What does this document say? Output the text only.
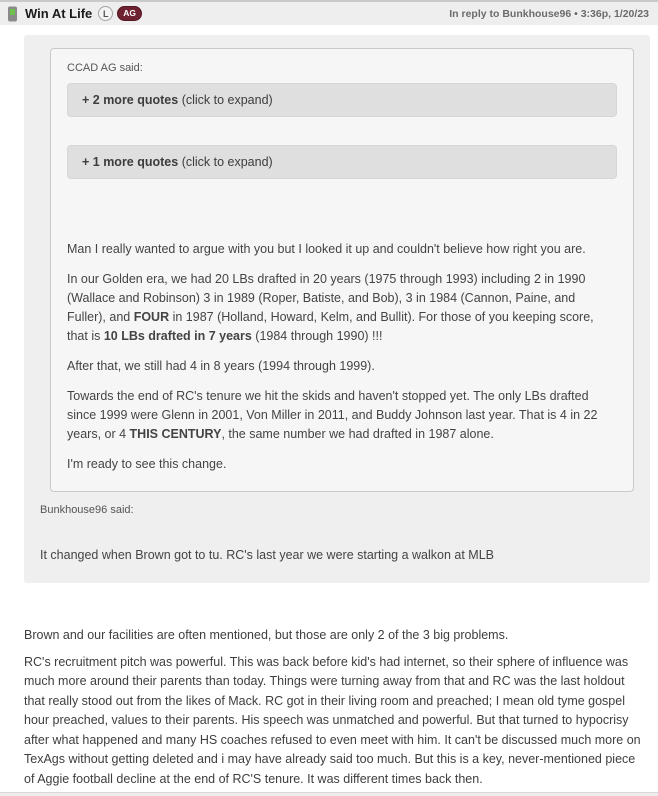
Win At Life	L	AG	In reply to Bunkhouse96 • 3:36p, 1/20/23
CCAD AG said:
+ 2 more quotes (click to expand)
+ 1 more quotes (click to expand)

Man I really wanted to argue with you but I looked it up and couldn't believe how right you are.

In our Golden era, we had 20 LBs drafted in 20 years (1975 through 1993) including 2 in 1990 (Wallace and Robinson) 3 in 1989 (Roper, Batiste, and Bob), 3 in 1984 (Cannon, Paine, and Fuller), and FOUR in 1987 (Holland, Howard, Kelm, and Bullit). For those of you keeping score, that is 10 LBs drafted in 7 years (1984 through 1990) !!!

After that, we still had 4 in 8 years (1994 through 1999).

Towards the end of RC's tenure we hit the skids and haven't stopped yet. The only LBs drafted since 1999 were Glenn in 2001, Von Miller in 2011, and Buddy Johnson last year. That is 4 in 22 years, or 4 THIS CENTURY, the same number we had drafted in 1987 alone.

I'm ready to see this change.

Bunkhouse96 said:

It changed when Brown got to tu. RC's last year we were starting a walkon at MLB

Brown and our facilities are often mentioned, but those are only 2 of the 3 big problems.

RC's recruitment pitch was powerful. This was back before kid's had internet, so their sphere of influence was much more around their parents than today. Things were turning away from that and RC was the last holdout that really stood out from the likes of Mack. RC got in their living room and preached; I mean old tyme gospel hour preached, values to their parents. His speech was unmatched and powerful. But that turned to hypocrisy after what happened and many HS coaches refused to even meet with him. It can't be discussed much more on TexAgs without getting deleted and i may have already said too much. But this is a key, never-mentioned piece of Aggie football decline at the end of RC'S tenure. It was different times back then.
